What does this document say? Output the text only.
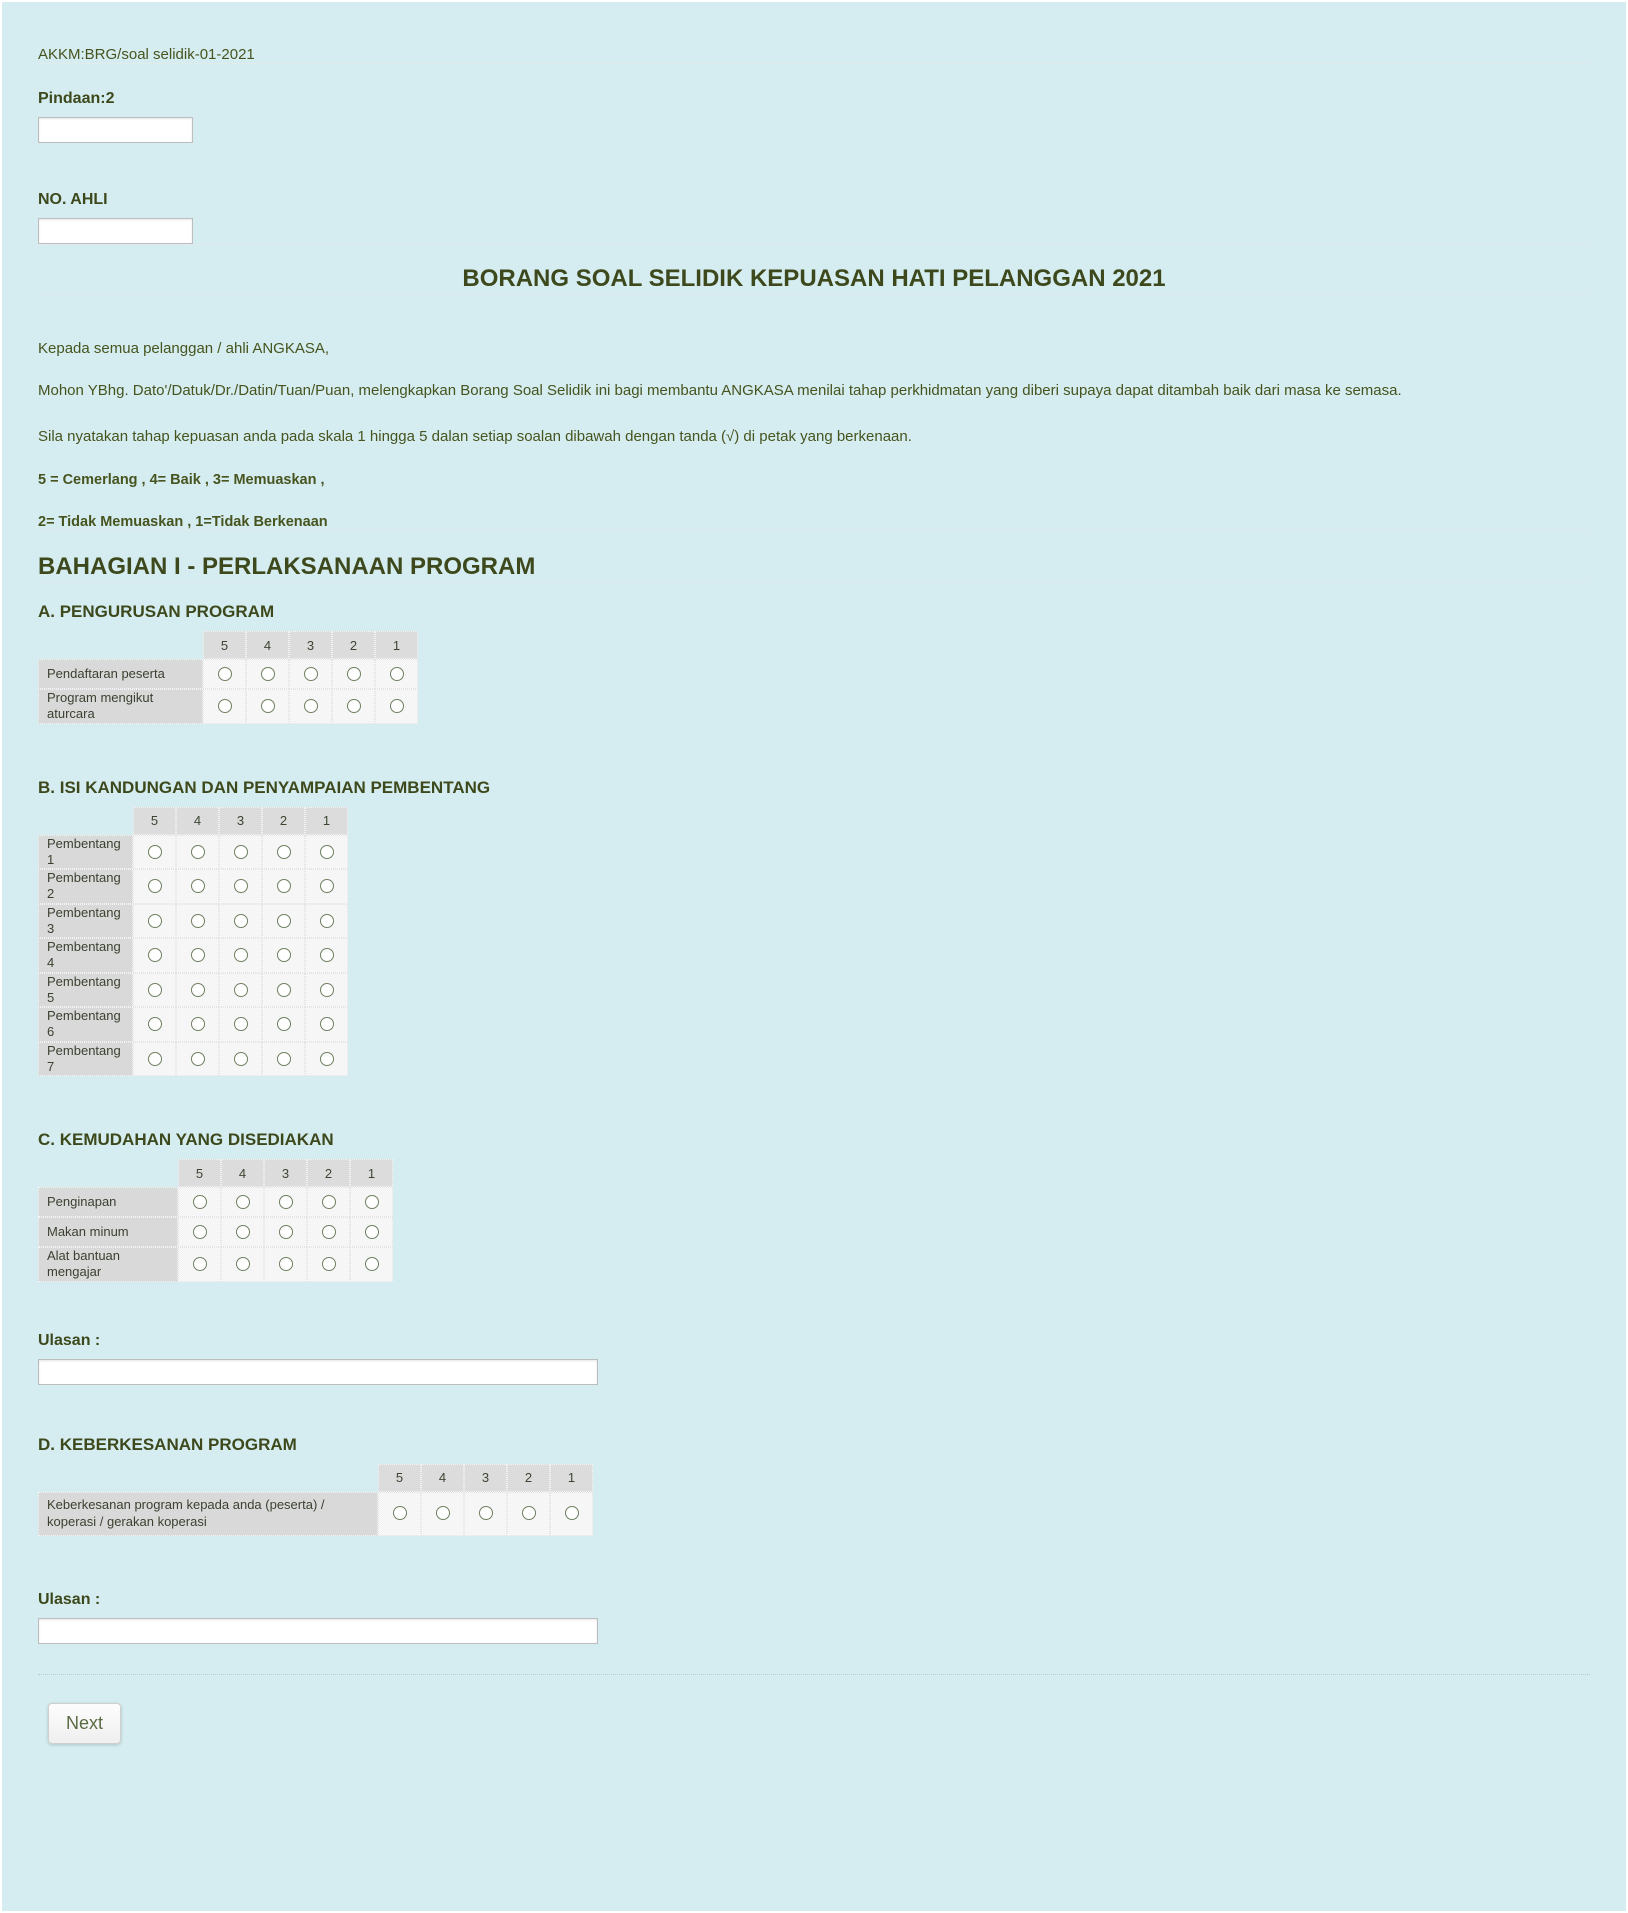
AKKM:BRG/soal selidik-01-2021
Pindaan:2
NO. AHLI
BORANG SOAL SELIDIK KEPUASAN HATI PELANGGAN 2021

Kepada semua pelanggan / ahli ANGKASA,

Mohon YBhg. Dato'/Datuk/Dr./Datin/Tuan/Puan, melengkapkan Borang Soal Selidik ini bagi membantu ANGKASA menilai tahap perkhidmatan yang diberi supaya dapat ditambah baik dari masa ke semasa.

Sila nyatakan tahap kepuasan anda pada skala 1 hingga 5 dalan setiap soalan dibawah dengan tanda (√) di petak yang berkenaan.

5 = Cemerlang , 4= Baik , 3= Memuaskan ,

2= Tidak Memuaskan , 1=Tidak Berkenaan

BAHAGIAN I - PERLAKSANAAN PROGRAM
A. PENGURUSAN PROGRAM
	5	4	3	2	1
Pendaftaran peserta					
Program mengikut aturcara					
B. ISI KANDUNGAN DAN PENYAMPAIAN PEMBENTANG
	5	4	3	2	1
Pembentang 1					
Pembentang 2					
Pembentang 3					
Pembentang 4					
Pembentang 5					
Pembentang 6					
Pembentang 7					
C. KEMUDAHAN YANG DISEDIAKAN
	5	4	3	2	1
Penginapan					
Makan minum					
Alat bantuan mengajar					
Ulasan :
D. KEBERKESANAN PROGRAM
	5	4	3	2	1
Keberkesanan program kepada anda (peserta) / koperasi / gerakan koperasi					
Ulasan :
Next
